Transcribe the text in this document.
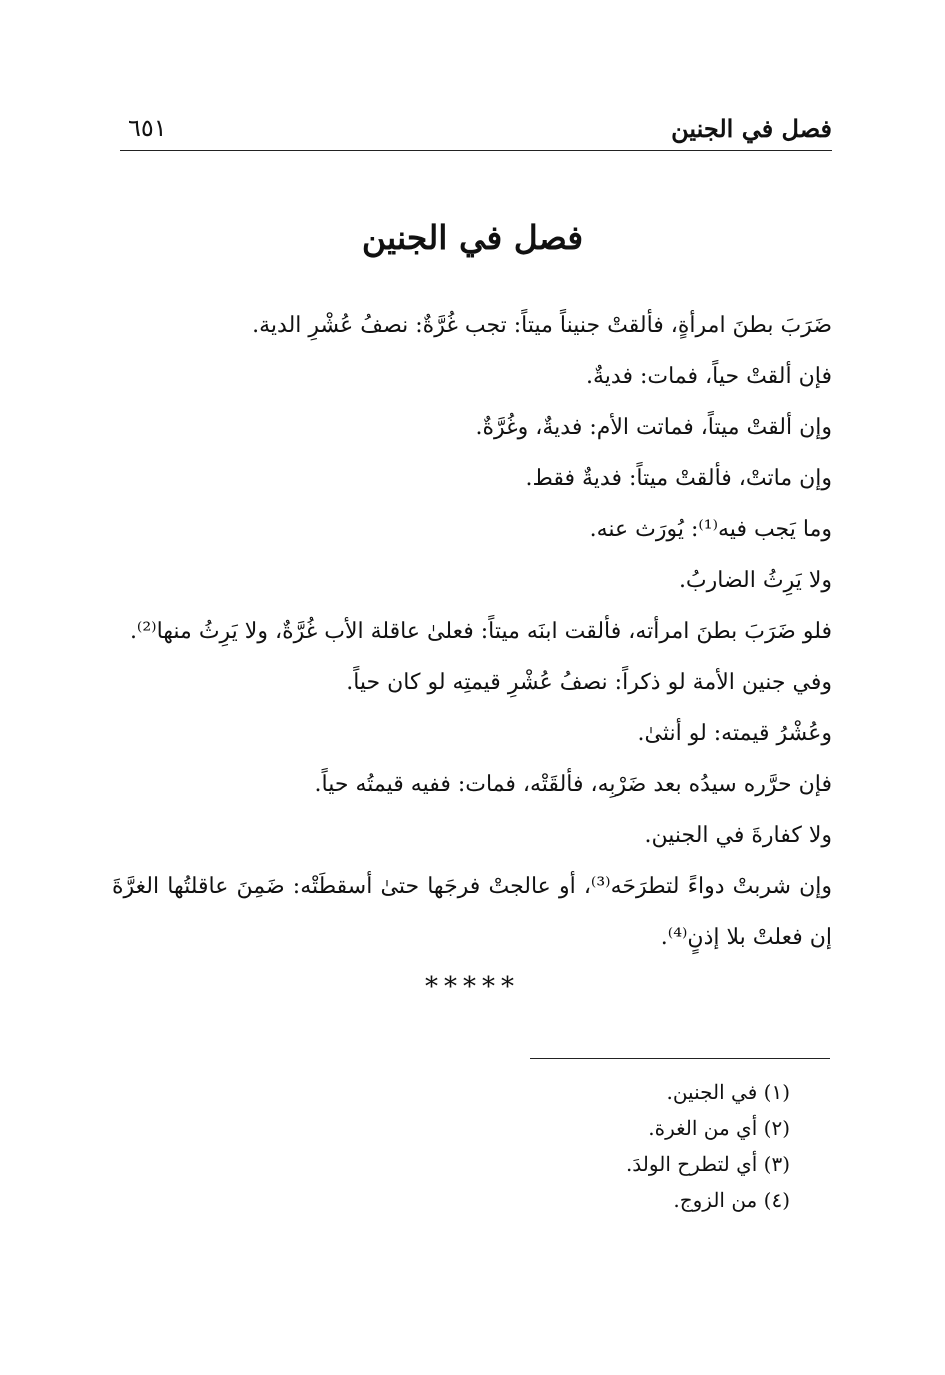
فصل في الجنين
٦٥١
فصل في الجنين
ضَرَبَ بطنَ امرأةٍ، فألقتْ جنيناً ميتاً: تجب غُرَّةٌ: نصفُ عُشْرِ الدية.
فإن ألقتْ حياً، فمات: فديةٌ.
وإن ألقتْ ميتاً، فماتت الأم: فديةٌ، وغُرَّةٌ.
وإن ماتتْ، فألقتْ ميتاً: فديةٌ فقط.
وما يَجب فيه⁽¹⁾: يُورَث عنه.
ولا يَرِثُ الضاربُ.
فلو ضَرَبَ بطنَ امرأته، فألقت ابنَه ميتاً: فعلىٰ عاقلة الأب غُرَّةٌ، ولا يَرِثُ منها⁽²⁾.
وفي جنين الأمة لو ذكراً: نصفُ عُشْرِ قيمتِه لو كان حياً.
وعُشْرُ قيمته: لو أنثىٰ.
فإن حرَّره سيدُه بعد ضَرْبِه، فألقَتْه، فمات: ففيه قيمتُه حياً.
ولا كفارةَ في الجنين.
وإن شربتْ دواءً لتطرَحَه⁽³⁾، أو عالجتْ فرجَها حتىٰ أسقطَتْه: ضَمِنَ عاقلتُها الغرَّةَ إن فعلتْ بلا إذنٍ⁽⁴⁾.
*****
(١) في الجنين.
(٢) أي من الغرة.
(٣) أي لتطرح الولدَ.
(٤) من الزوج.
